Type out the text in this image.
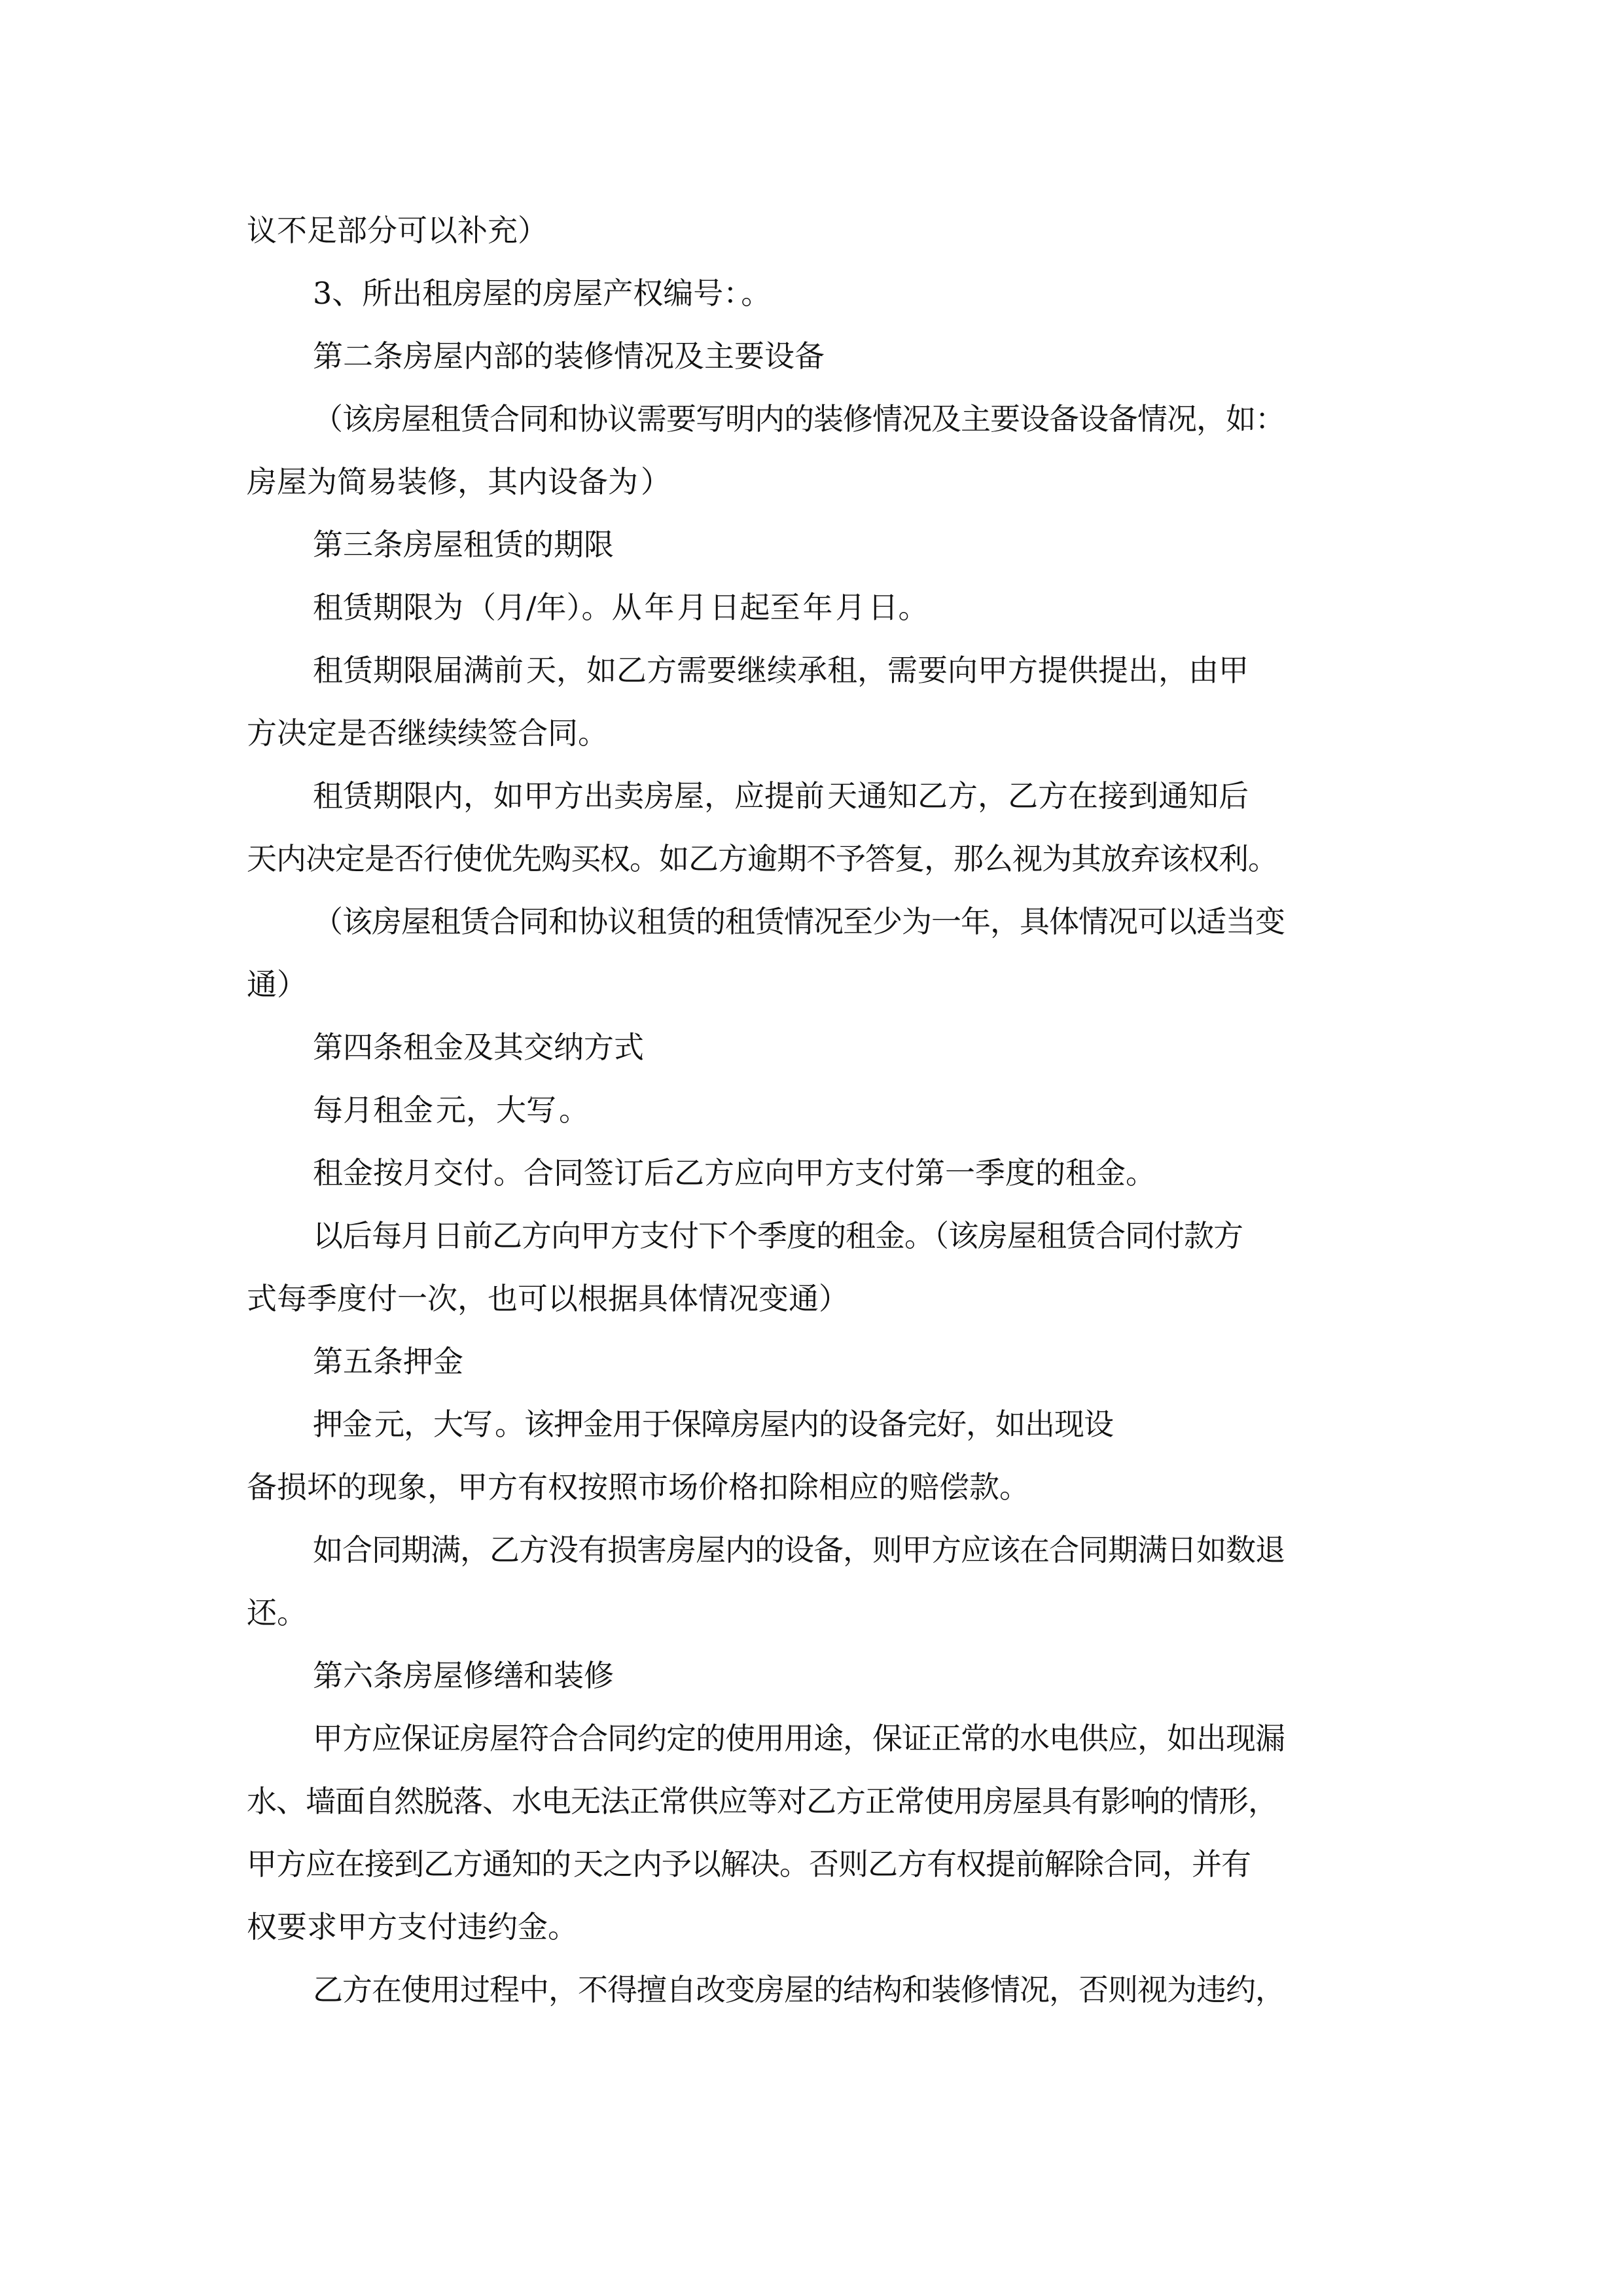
议不足部分可以补充）
3、所出租房屋的房屋产权编号：。
第二条房屋内部的装修情况及主要设备
（该房屋租赁合同和协议需要写明内的装修情况及主要设备设备情况，如：
房屋为简易装修，其内设备为）
第三条房屋租赁的期限
租赁期限为（月/年）。从年月日起至年月日。
租赁期限届满前天，如乙方需要继续承租，需要向甲方提供提出，由甲
方决定是否继续续签合同。
租赁期限内，如甲方出卖房屋，应提前天通知乙方，乙方在接到通知后
天内决定是否行使优先购买权。如乙方逾期不予答复，那么视为其放弃该权利。
（该房屋租赁合同和协议租赁的租赁情况至少为一年，具体情况可以适当变
通）
第四条租金及其交纳方式
每月租金元，大写。
租金按月交付。合同签订后乙方应向甲方支付第一季度的租金。
以后每月日前乙方向甲方支付下个季度的租金。（该房屋租赁合同付款方
式每季度付一次，也可以根据具体情况变通）
第五条押金
押金元，大写。该押金用于保障房屋内的设备完好，如出现设
备损坏的现象，甲方有权按照市场价格扣除相应的赔偿款。
如合同期满，乙方没有损害房屋内的设备，则甲方应该在合同期满日如数退
还。
第六条房屋修缮和装修
甲方应保证房屋符合合同约定的使用用途，保证正常的水电供应，如出现漏
水、墙面自然脱落、水电无法正常供应等对乙方正常使用房屋具有影响的情形，
甲方应在接到乙方通知的天之内予以解决。否则乙方有权提前解除合同，并有
权要求甲方支付违约金。
乙方在使用过程中，不得擅自改变房屋的结构和装修情况，否则视为违约，
